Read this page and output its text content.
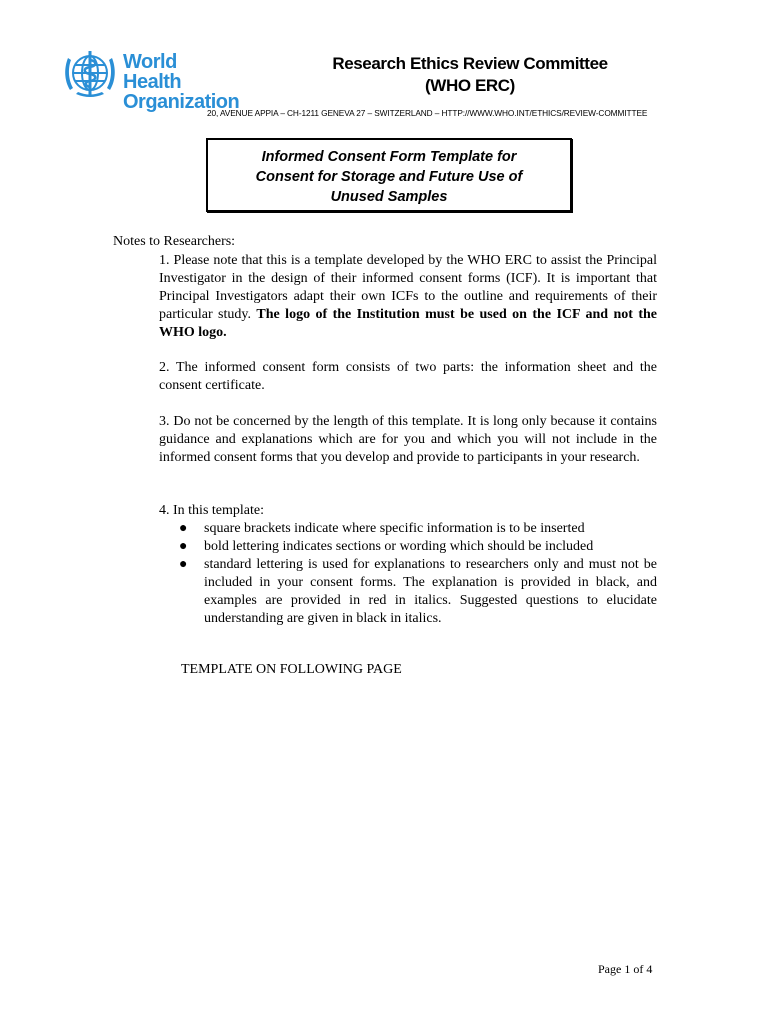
World Health
Organization
Research Ethics Review Committee
(WHO ERC)
20, AVENUE APPIA – CH-1211 GENEVA 27 – SWITZERLAND – HTTP://WWW.WHO.INT/ETHICS/REVIEW-COMMITTEE
Informed Consent Form Template for
Consent for Storage and Future Use of
Unused Samples
Notes to Researchers:
1. Please note that this is a template developed by the WHO ERC to assist the Principal Investigator in the design of their informed consent forms (ICF). It is important that Principal Investigators adapt their own ICFs to the outline and requirements of their particular study. The logo of the Institution must be used on the ICF and not the WHO logo.
2. The informed consent form consists of two parts: the information sheet and the consent certificate.
3. Do not be concerned by the length of this template. It is long only because it contains guidance and explanations which are for you and which you will not include in the informed consent forms that you develop and provide to participants in your research.
4. In this template:
● square brackets indicate where specific information is to be inserted
● bold lettering indicates sections or wording which should be included
● standard lettering is used for explanations to researchers only and must not be included in your consent forms. The explanation is provided in black, and examples are provided in red in italics. Suggested questions to elucidate understanding are given in black in italics.
TEMPLATE ON FOLLOWING PAGE
Page 1 of 4
